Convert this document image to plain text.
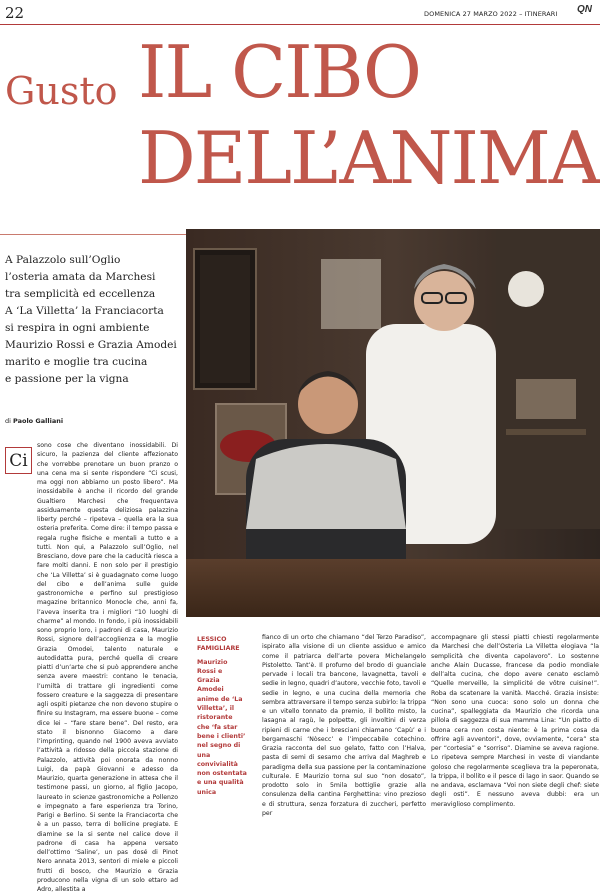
22	DOMENICA 27 MARZO 2022 – ITINERARI QN
Gusto IL CIBO
DELL’ANIMA
A Palazzolo sull’Oglio
l’osteria amata da Marchesi
tra semplicità ed eccellenza
A ‘La Villetta’ la Franciacorta
si respira in ogni ambiente
Maurizio Rossi e Grazia Amodei
marito e moglie tra cucina
e passione per la vigna
di Paolo Galliani
Ci

sono cose che diventano inossidabili. Di sicuro, la pazienza del cliente affezionato che vorrebbe prenotare un buon pranzo o una cena ma si sente rispondere “Ci scusi, ma oggi non abbiamo un posto libero”. Ma inossidabile è anche il ricordo del grande Gualtiero Marchesi che frequentava assiduamente questa deliziosa palazzina liberty perché – ripeteva – quella era la sua osteria preferita. Come dire: il tempo passa e regala rughe fisiche e mentali a tutto e a tutti. Non qui, a Palazzolo sull’Oglio, nel Bresciano, dove pare che la caducità riesca a fare molti danni. E non solo per il prestigio che ‘La Villetta’ si è guadagnato come luogo del cibo e dell’anima sulle guide gastronomiche e perfino sul prestigioso magazine britannico Monocle che, anni fa, l’aveva inserita tra i migliori “10 luoghi di charme” al mondo. In fondo, i più inossidabili sono proprio loro, i padroni di casa, Maurizio Rossi, signore dell’accoglienza e la moglie Grazia Omodei, talento naturale e autodidatta pura, perché quella di creare piatti d’un’arte che si può apprendere anche senza avere maestri: contano le tenacia, l’umiltà di trattare gli ingredienti come fossero creature e la saggezza di presentare agli ospiti pietanze che non devono stupire o finire su Instagram, ma essere buone – come dice lei – “fare stare bene”. Del resto, era stato il bisnonno Giacomo a dare l’imprinting, quando nel 1900 aveva avviato l’attività a ridosso della piccola stazione di Palazzolo, attività poi onorata da nonno Luigi, da papà Giovanni e adesso da Maurizio, quarta generazione in attesa che il testimone passi, un giorno, al figlio Jacopo, laureato in scienze gastronomiche a Pollenzo e impegnato a fare esperienza tra Torino, Parigi e Berlino. Si sente la Franciacorta che è a un passo, terra di bollicine pregiate. E diamine se la si sente nel calice dove il padrone di casa ha appena versato dell’ottimo ‘Saline’, un pas dosé di Pinot Nero annata 2013, sentori di miele e piccoli frutti di bosco, che Maurizio e Grazia producono nella vigna di un solo ettaro ad Adro, allestita a

LESSICO
FAMIGLIARE
Maurizio Rossi e Grazia Amodei anime de ‘La Villetta’, il ristorante che ‘fa star bene i clienti’ nel segno di una convivialità non ostentata e una qualità unica

fianco di un orto che chiamano “del Terzo Paradiso”, ispirato alla visione di un cliente assiduo e amico come il patriarca dell’arte povera Michelangelo Pistoletto. Tant’è. Il profumo del brodo di guanciale pervade i locali tra bancone, lavagnetta, tavoli e sedie in legno, quadri d’autore, vecchie foto, tavoli e sedie in legno, e una cucina della memoria che sembra attraversare il tempo senza subirlo: la trippa e un vitello tonnato da premio, il bollito misto, la lasagna al ragù, le polpette, gli involtini di verza ripieni di carne che i bresciani chiamano ‘Capù’ e i bergamaschi ‘Nòsecc’ e l’impeccabile cotechino. Grazia racconta del suo gelato, fatto con l’Halva, pasta di semi di sesamo che arriva dal Maghreb e paradigma della sua passione per la contaminazione culturale. E Maurizio torna sul suo “non dosato”, prodotto solo in 5mila bottiglie grazie alla consulenza della cantina Ferghettina: vino prezioso e di struttura, senza forzatura di zuccheri, perfetto per

accompagnare gli stessi piatti chiesti regolarmente da Marchesi che dell’Osteria La Villetta elogiava “la semplicità che diventa capolavoro”. Lo sostenne anche Alain Ducasse, francese da podio mondiale dell’alta cucina, che dopo avere cenato esclamò “Quelle merveille, la simplicité de vôtre cuisine!”. Roba da scatenare la vanità. Macché. Grazia insiste: “Non sono una cuoca: sono solo un donna che cucina”, spalleggiata da Maurizio che ricorda una pillola di saggezza di sua mamma Lina: “Un piatto di buona cera non costa niente: è la prima cosa da offrire agli avventori”, dove, ovviamente, “cera” sta per “cortesia” e “sorriso”. Diamine se aveva ragione. Lo ripeteva sempre Marchesi in veste di viandante goloso che regolarmente sceglieva tra la peperonata, la trippa, il bollito e il pesce di lago in saor. Quando se ne andava, esclamava “Voi non siete degli chef: siete degli osti”. E nessuno aveva dubbi: era un meraviglioso complimento.
